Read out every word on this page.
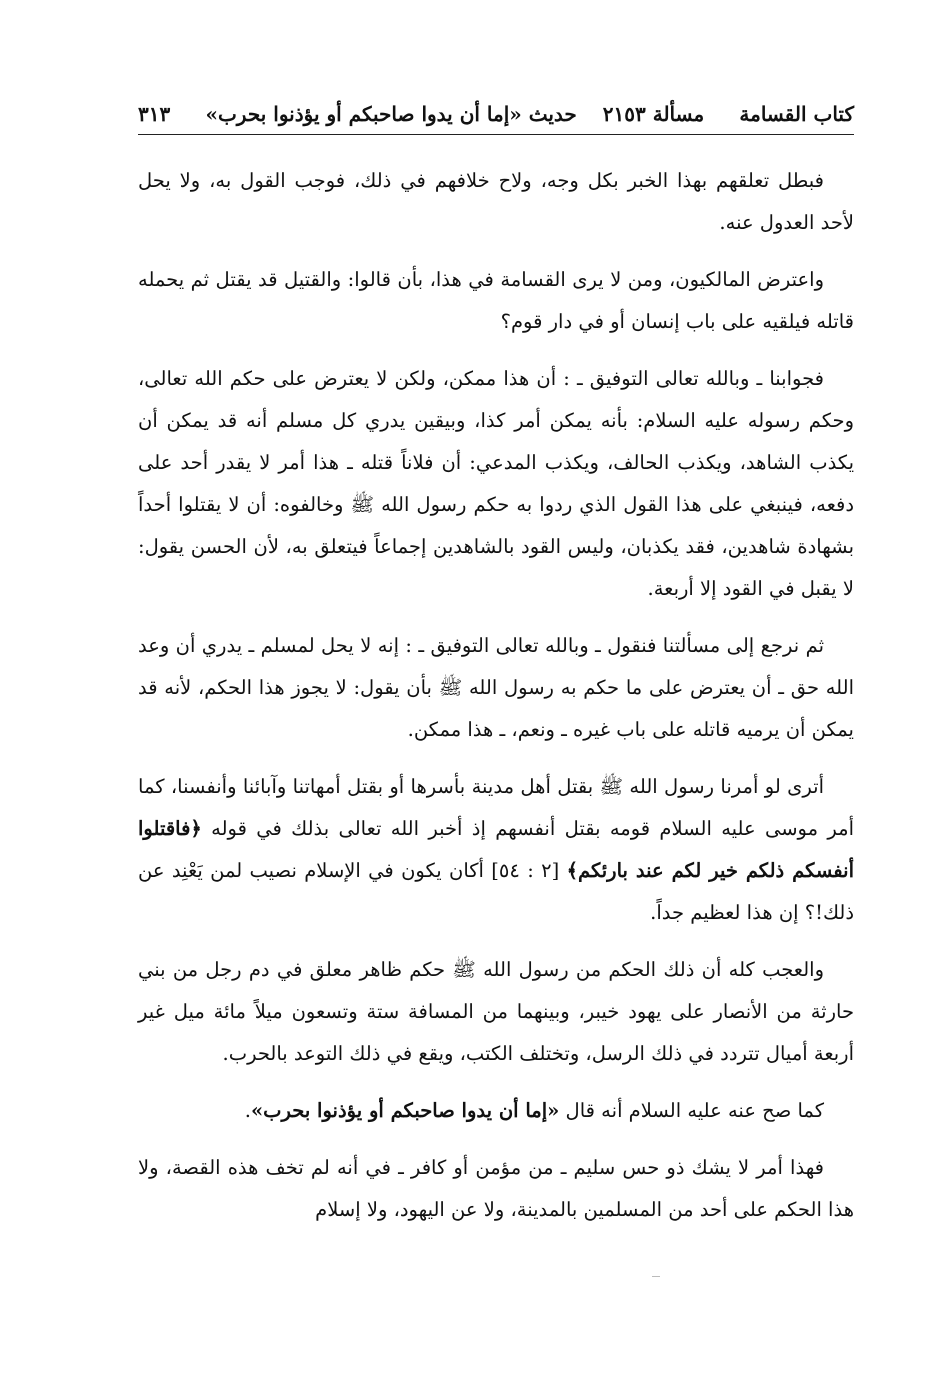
كتاب القسامة
مسألة ٢١٥٣
حديث «إما أن يدوا صاحبكم أو يؤذنوا بحرب»
٣١٣

فبطل تعلقهم بهذا الخبر بكل وجه، ولاح خلافهم في ذلك، فوجب القول به، ولا يحل لأحد العدول عنه.

واعترض المالكيون، ومن لا يرى القسامة في هذا، بأن قالوا: والقتيل قد يقتل ثم يحمله قاتله فيلقيه على باب إنسان أو في دار قوم؟

فجوابنا ـ وبالله تعالى التوفيق ـ : أن هذا ممكن، ولكن لا يعترض على حكم الله تعالى، وحكم رسوله عليه السلام: بأنه يمكن أمر كذا، وبيقين يدري كل مسلم أنه قد يمكن أن يكذب الشاهد، ويكذب الحالف، ويكذب المدعي: أن فلاناً قتله ـ هذا أمر لا يقدر أحد على دفعه، فينبغي على هذا القول الذي ردوا به حكم رسول الله ﷺ وخالفوه: أن لا يقتلوا أحداً بشهادة شاهدين، فقد يكذبان، وليس القود بالشاهدين إجماعاً فيتعلق به، لأن الحسن يقول: لا يقبل في القود إلا أربعة.

ثم نرجع إلى مسألتنا فنقول ـ وبالله تعالى التوفيق ـ : إنه لا يحل لمسلم ـ يدري أن وعد الله حق ـ أن يعترض على ما حكم به رسول الله ﷺ بأن يقول: لا يجوز هذا الحكم، لأنه قد يمكن أن يرميه قاتله على باب غيره ـ ونعم، ـ هذا ممكن.

أترى لو أمرنا رسول الله ﷺ بقتل أهل مدينة بأسرها أو بقتل أمهاتنا وآبائنا وأنفسنا، كما أمر موسى عليه السلام قومه بقتل أنفسهم إذ أخبر الله تعالى بذلك في قوله ﴿فاقتلوا أنفسكم ذلكم خير لكم عند بارئكم﴾ [٢ : ٥٤] أكان يكون في الإسلام نصيب لمن يَعْنِد عن ذلك!؟ إن هذا لعظيم جداً.

والعجب كله أن ذلك الحكم من رسول الله ﷺ حكم ظاهر معلق في دم رجل من بني حارثة من الأنصار على يهود خيبر، وبينهما من المسافة ستة وتسعون ميلاً مائة ميل غير أربعة أميال تتردد في ذلك الرسل، وتختلف الكتب، ويقع في ذلك التوعد بالحرب.

كما صح عنه عليه السلام أنه قال «إما أن يدوا صاحبكم أو يؤذنوا بحرب».

فهذا أمر لا يشك ذو حس سليم ـ من مؤمن أو كافر ـ في أنه لم تخف هذه القصة، ولا هذا الحكم على أحد من المسلمين بالمدينة، ولا عن اليهود، ولا إسلام
